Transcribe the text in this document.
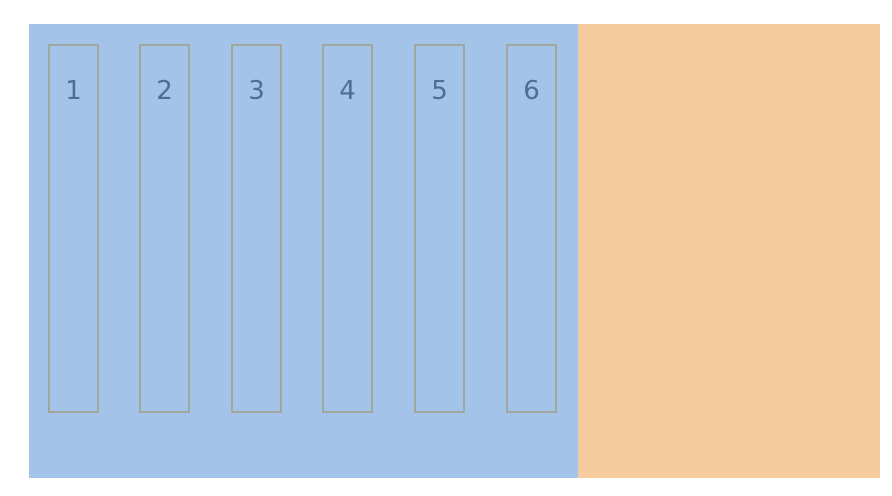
1	2	3	4	5	6
